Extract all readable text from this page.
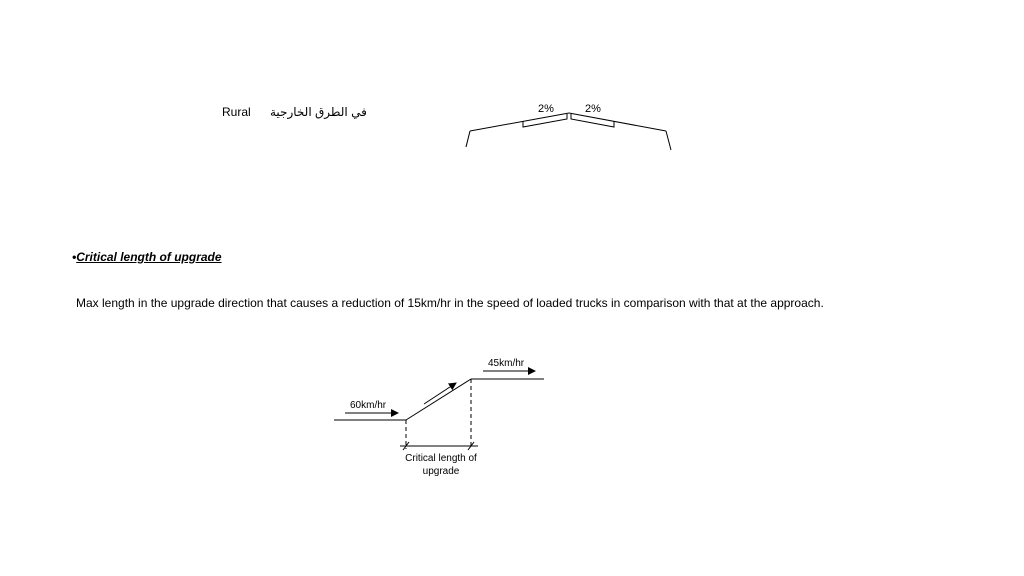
Rural في الطرق الخارجية
•Critical length of upgrade
Max length in the upgrade direction that causes a reduction of 15km/hr in the speed of loaded trucks in comparison with that at the approach.
2%	2%
60km/hr
45km/hr
Critical length of
upgrade
